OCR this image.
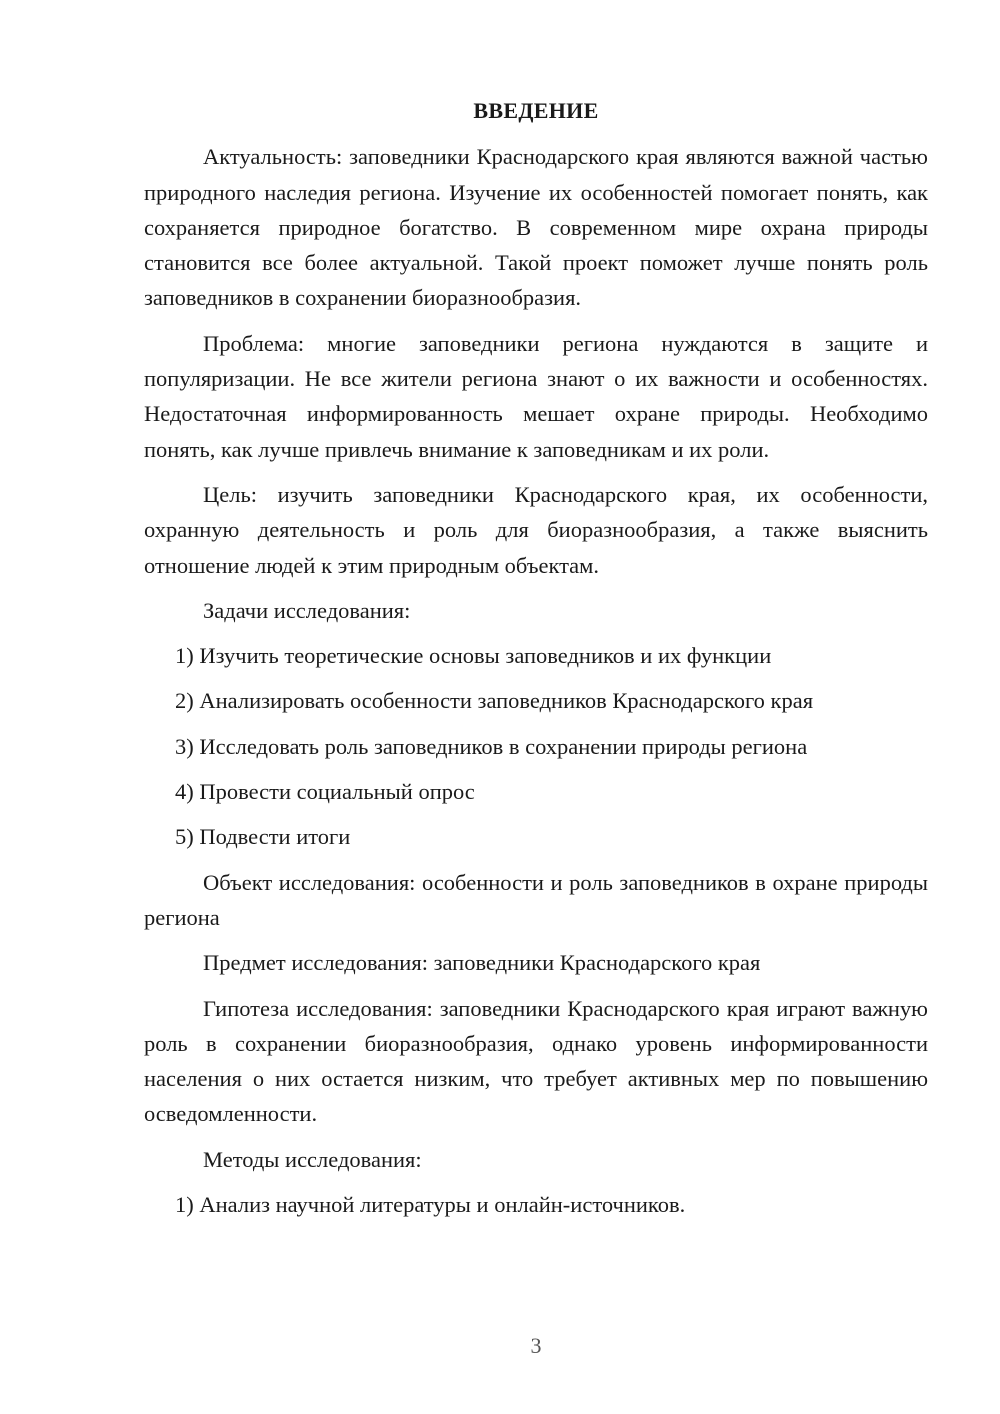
ВВЕДЕНИЕ

Актуальность: заповедники Краснодарского края являются важной частью природного наследия региона. Изучение их особенностей помогает понять, как сохраняется природное богатство. В современном мире охрана природы становится все более актуальной. Такой проект поможет лучше понять роль заповедников в сохранении биоразнообразия.

Проблема: многие заповедники региона нуждаются в защите и популяризации. Не все жители региона знают о их важности и особенностях. Недостаточная информированность мешает охране природы. Необходимо понять, как лучше привлечь внимание к заповедникам и их роли.

Цель: изучить заповедники Краснодарского края, их особенности, охранную деятельность и роль для биоразнообразия, а также выяснить отношение людей к этим природным объектам.

Задачи исследования:

1) Изучить теоретические основы заповедников и их функции

2) Анализировать особенности заповедников Краснодарского края

3) Исследовать роль заповедников в сохранении природы региона

4) Провести социальный опрос

5) Подвести итоги

Объект исследования: особенности и роль заповедников в охране природы региона

Предмет исследования: заповедники Краснодарского края

Гипотеза исследования: заповедники Краснодарского края играют важную роль в сохранении биоразнообразия, однако уровень информированности населения о них остается низким, что требует активных мер по повышению осведомленности.

Методы исследования:

1) Анализ научной литературы и онлайн-источников.

3
